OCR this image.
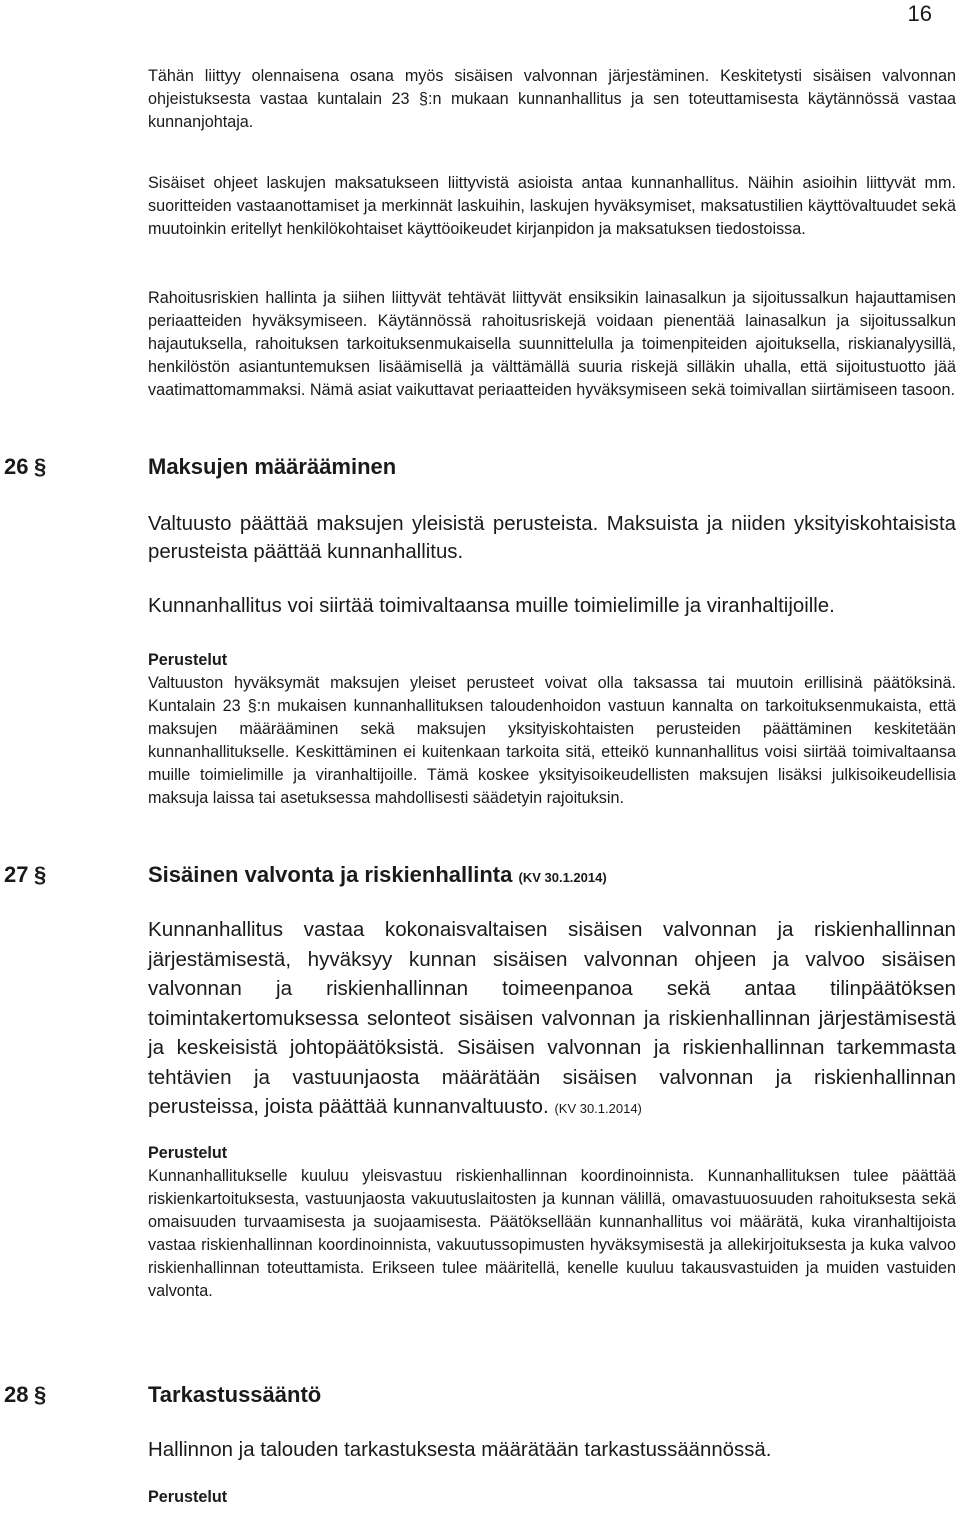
16

Tähän liittyy olennaisena osana myös sisäisen valvonnan järjestäminen. Keskitetysti sisäisen valvonnan ohjeistuksesta vastaa kuntalain 23 §:n mukaan kunnanhallitus ja sen toteuttamisesta käytännössä vastaa kunnanjohtaja.

Sisäiset ohjeet laskujen maksatukseen liittyvistä asioista antaa kunnanhallitus. Näihin asioihin liittyvät mm. suoritteiden vastaanottamiset ja merkinnät laskuihin, laskujen hyväksymiset, maksatustilien käyttövaltuudet sekä muutoinkin eritellyt henkilökohtaiset käyttöoikeudet kirjanpidon ja maksatuksen tiedostoissa.

Rahoitusriskien hallinta ja siihen liittyvät tehtävät liittyvät ensiksikin lainasalkun ja sijoitussalkun hajauttamisen periaatteiden hyväksymiseen. Käytännössä rahoitusriskejä voidaan pienentää lainasalkun ja sijoitussalkun hajautuksella, rahoituksen tarkoituksenmukaisella suunnittelulla ja toimenpiteiden ajoituksella, riskianalyysillä, henkilöstön asiantuntemuksen lisäämisellä ja välttämällä suuria riskejä silläkin uhalla, että sijoitustuotto jää vaatimattomammaksi. Nämä asiat vaikuttavat periaatteiden hyväksymiseen sekä toimivallan siirtämiseen tasoon.

26 §	Maksujen määrääminen

Valtuusto päättää maksujen yleisistä perusteista. Maksuista ja niiden yksityiskohtaisista perusteista päättää kunnanhallitus.

Kunnanhallitus voi siirtää toimivaltaansa muille toimielimille ja viranhaltijoille.

Perustelut

Valtuuston hyväksymät maksujen yleiset perusteet voivat olla taksassa tai muutoin erillisinä päätöksinä. Kuntalain 23 §:n mukaisen kunnanhallituksen taloudenhoidon vastuun kannalta on tarkoituksenmukaista, että maksujen määrääminen sekä maksujen yksityiskohtaisten perusteiden päättäminen keskitetään kunnanhallitukselle. Keskittäminen ei kuitenkaan tarkoita sitä, etteikö kunnanhallitus voisi siirtää toimivaltaansa muille toimielimille ja viranhaltijoille. Tämä koskee yksityisoikeudellisten maksujen lisäksi julkisoikeudellisia maksuja laissa tai asetuksessa mahdollisesti säädetyin rajoituksin.

27 §	Sisäinen valvonta ja riskienhallinta (KV 30.1.2014)

Kunnanhallitus vastaa kokonaisvaltaisen sisäisen valvonnan ja riskienhallinnan järjestämisestä, hyväksyy kunnan sisäisen valvonnan ohjeen ja valvoo sisäisen valvonnan ja riskienhallinnan toimeenpanoa sekä antaa tilinpäätöksen toimintakertomuksessa selonteot sisäisen valvonnan ja riskienhallinnan järjestämisestä ja keskeisistä johtopäätöksistä. Sisäisen valvonnan ja riskienhallinnan tarkemmasta tehtävien ja vastuunjaosta määrätään sisäisen valvonnan ja riskienhallinnan perusteissa, joista päättää kunnanvaltuusto. (KV 30.1.2014)

Perustelut

Kunnanhallitukselle kuuluu yleisvastuu riskienhallinnan koordinoinnista. Kunnanhallituksen tulee päättää riskienkartoituksesta, vastuunjaosta vakuutuslaitosten ja kunnan välillä, omavastuuosuuden rahoituksesta sekä omaisuuden turvaamisesta ja suojaamisesta. Päätöksellään kunnanhallitus voi määrätä, kuka viranhaltijoista vastaa riskienhallinnan koordinoinnista, vakuutussopimusten hyväksymisestä ja allekirjoituksesta ja kuka valvoo riskienhallinnan toteuttamista. Erikseen tulee määritellä, kenelle kuuluu takausvastuiden ja muiden vastuiden valvonta.

28 §	Tarkastussääntö

Hallinnon ja talouden tarkastuksesta määrätään tarkastussäännössä.

Perustelut
